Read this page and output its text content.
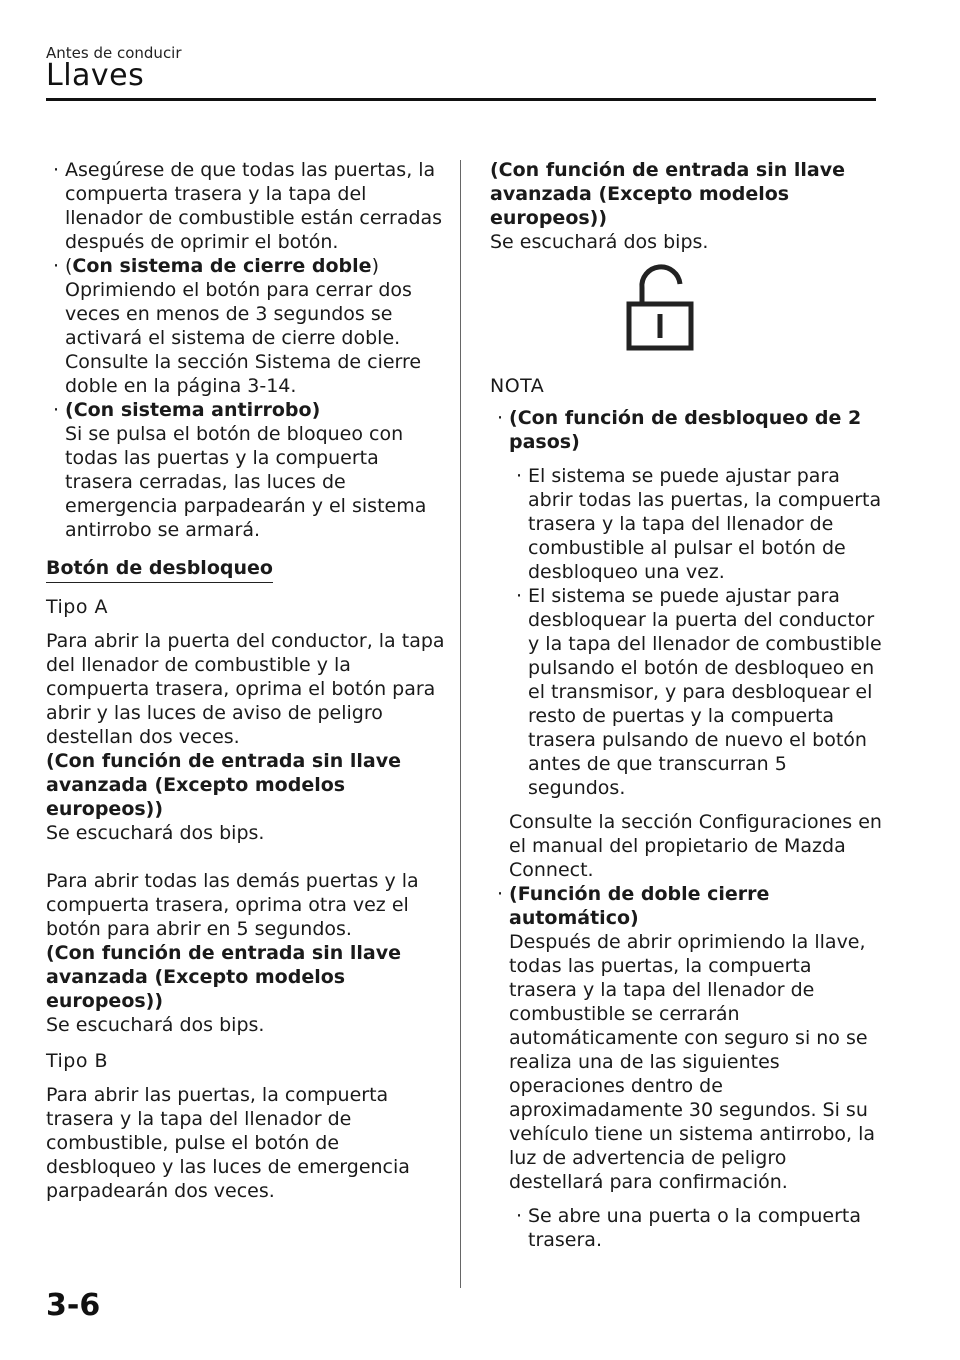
Antes de conducir
Llaves
· Asegúrese de que todas las puertas, la compuerta trasera y la tapa del llenador de combustible están cerradas después de oprimir el botón.
· (Con sistema de cierre doble)
Oprimiendo el botón para cerrar dos veces en menos de 3 segundos se activará el sistema de cierre doble. Consulte la sección Sistema de cierre doble en la página 3-14.
· (Con sistema antirrobo)
Si se pulsa el botón de bloqueo con todas las puertas y la compuerta trasera cerradas, las luces de emergencia parpadearán y el sistema antirrobo se armará.
Botón de desbloqueo

Tipo A

Para abrir la puerta del conductor, la tapa del llenador de combustible y la compuerta trasera, oprima el botón para abrir y las luces de aviso de peligro destellan dos veces.

(Con función de entrada sin llave avanzada (Excepto modelos europeos))

Se escuchará dos bips.

Para abrir todas las demás puertas y la compuerta trasera, oprima otra vez el botón para abrir en 5 segundos.

(Con función de entrada sin llave avanzada (Excepto modelos europeos))

Se escuchará dos bips.

Tipo B

Para abrir las puertas, la compuerta trasera y la tapa del llenador de combustible, pulse el botón de desbloqueo y las luces de emergencia parpadearán dos veces.

(Con función de entrada sin llave avanzada (Excepto modelos europeos))

Se escuchará dos bips.

NOTA

· (Con función de desbloqueo de 2 pasos)
· El sistema se puede ajustar para abrir todas las puertas, la compuerta trasera y la tapa del llenador de combustible al pulsar el botón de desbloqueo una vez.
· El sistema se puede ajustar para desbloquear la puerta del conductor y la tapa del llenador de combustible pulsando el botón de desbloqueo en el transmisor, y para desbloquear el resto de puertas y la compuerta trasera pulsando de nuevo el botón antes de que transcurran 5 segundos.

Consulte la sección Configuraciones en el manual del propietario de Mazda Connect.

· (Función de doble cierre automático)
Después de abrir oprimiendo la llave, todas las puertas, la compuerta trasera y la tapa del llenador de combustible se cerrarán automáticamente con seguro si no se realiza una de las siguientes operaciones dentro de aproximadamente 30 segundos. Si su vehículo tiene un sistema antirrobo, la luz de advertencia de peligro destellará para confirmación.
· Se abre una puerta o la compuerta trasera.
3-6
